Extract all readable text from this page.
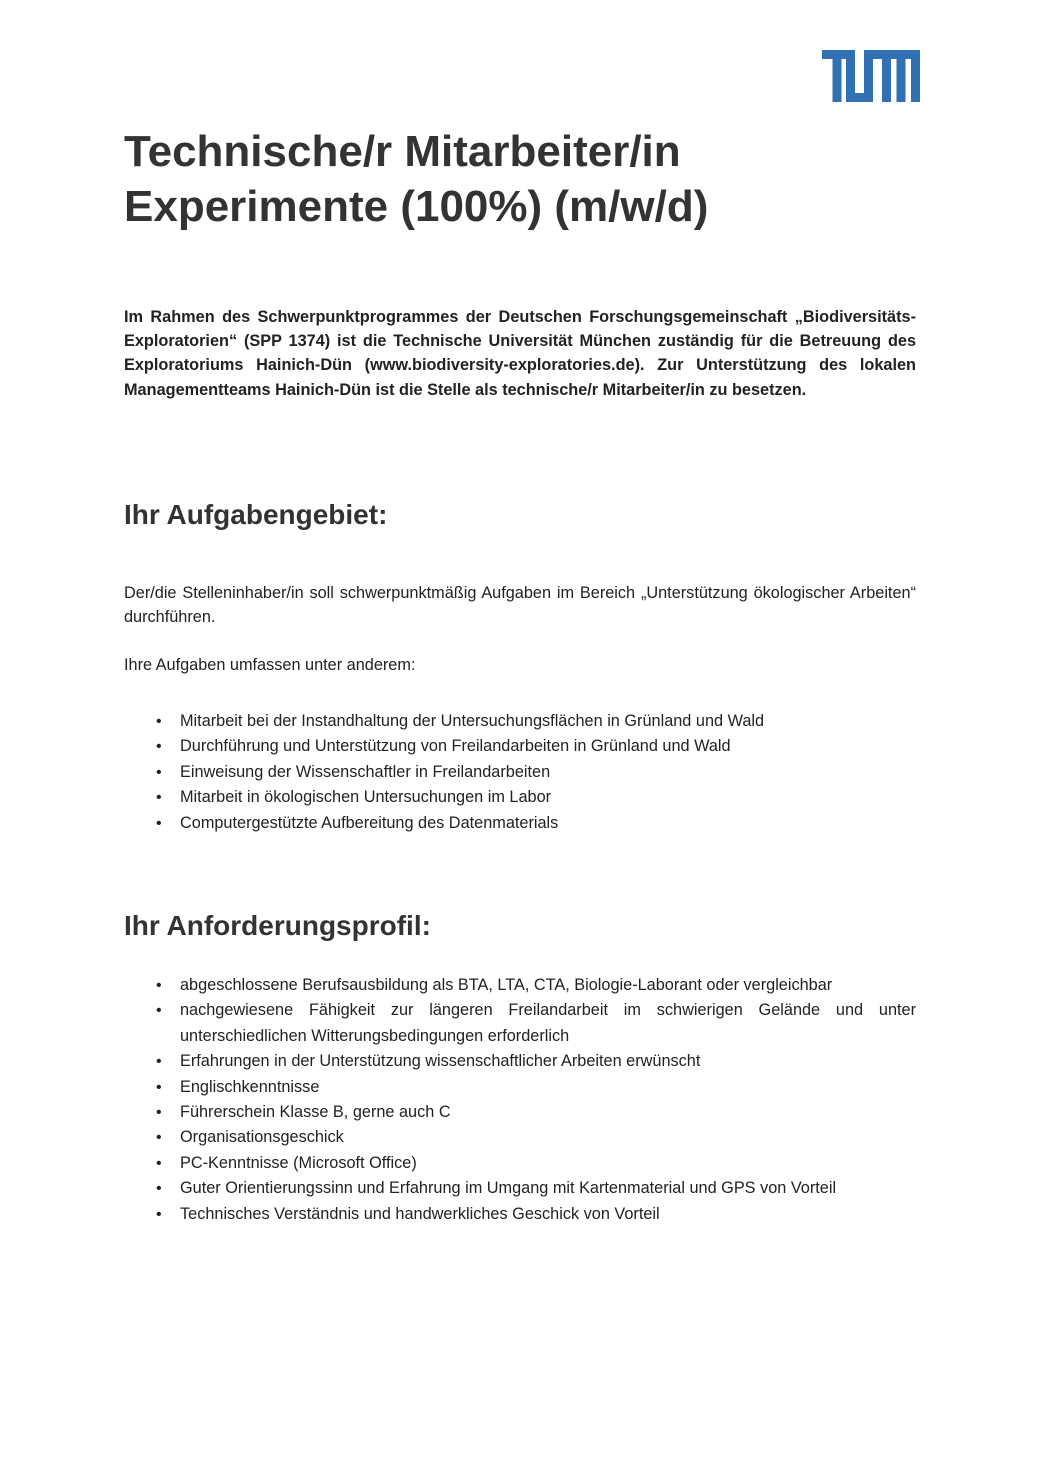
Technische/r Mitarbeiter/in
Experimente (100%) (m/w/d)

Im Rahmen des Schwerpunktprogrammes der Deutschen Forschungsgemeinschaft „Biodiversitäts-Exploratorien“ (SPP 1374) ist die Technische Universität München zuständig für die Betreuung des Exploratoriums Hainich-Dün (www.biodiversity-exploratories.de). Zur Unterstützung des lokalen Managementteams Hainich-Dün ist die Stelle als technische/r Mitarbeiter/in zu besetzen.

Ihr Aufgabengebiet:

Der/die Stelleninhaber/in soll schwerpunktmäßig Aufgaben im Bereich „Unterstützung ökologischer Arbeiten“ durchführen.

Ihre Aufgaben umfassen unter anderem:

• Mitarbeit bei der Instandhaltung der Untersuchungsflächen in Grünland und Wald
• Durchführung und Unterstützung von Freilandarbeiten in Grünland und Wald
• Einweisung der Wissenschaftler in Freilandarbeiten
• Mitarbeit in ökologischen Untersuchungen im Labor
• Computergestützte Aufbereitung des Datenmaterials
Ihr Anforderungsprofil:
• abgeschlossene Berufsausbildung als BTA, LTA, CTA, Biologie-Laborant oder vergleichbar
• nachgewiesene Fähigkeit zur längeren Freilandarbeit im schwierigen Gelände und unter unterschiedlichen Witterungsbedingungen erforderlich
• Erfahrungen in der Unterstützung wissenschaftlicher Arbeiten erwünscht
• Englischkenntnisse
• Führerschein Klasse B, gerne auch C
• Organisationsgeschick
• PC-Kenntnisse (Microsoft Office)
• Guter Orientierungssinn und Erfahrung im Umgang mit Kartenmaterial und GPS von Vorteil
• Technisches Verständnis und handwerkliches Geschick von Vorteil
